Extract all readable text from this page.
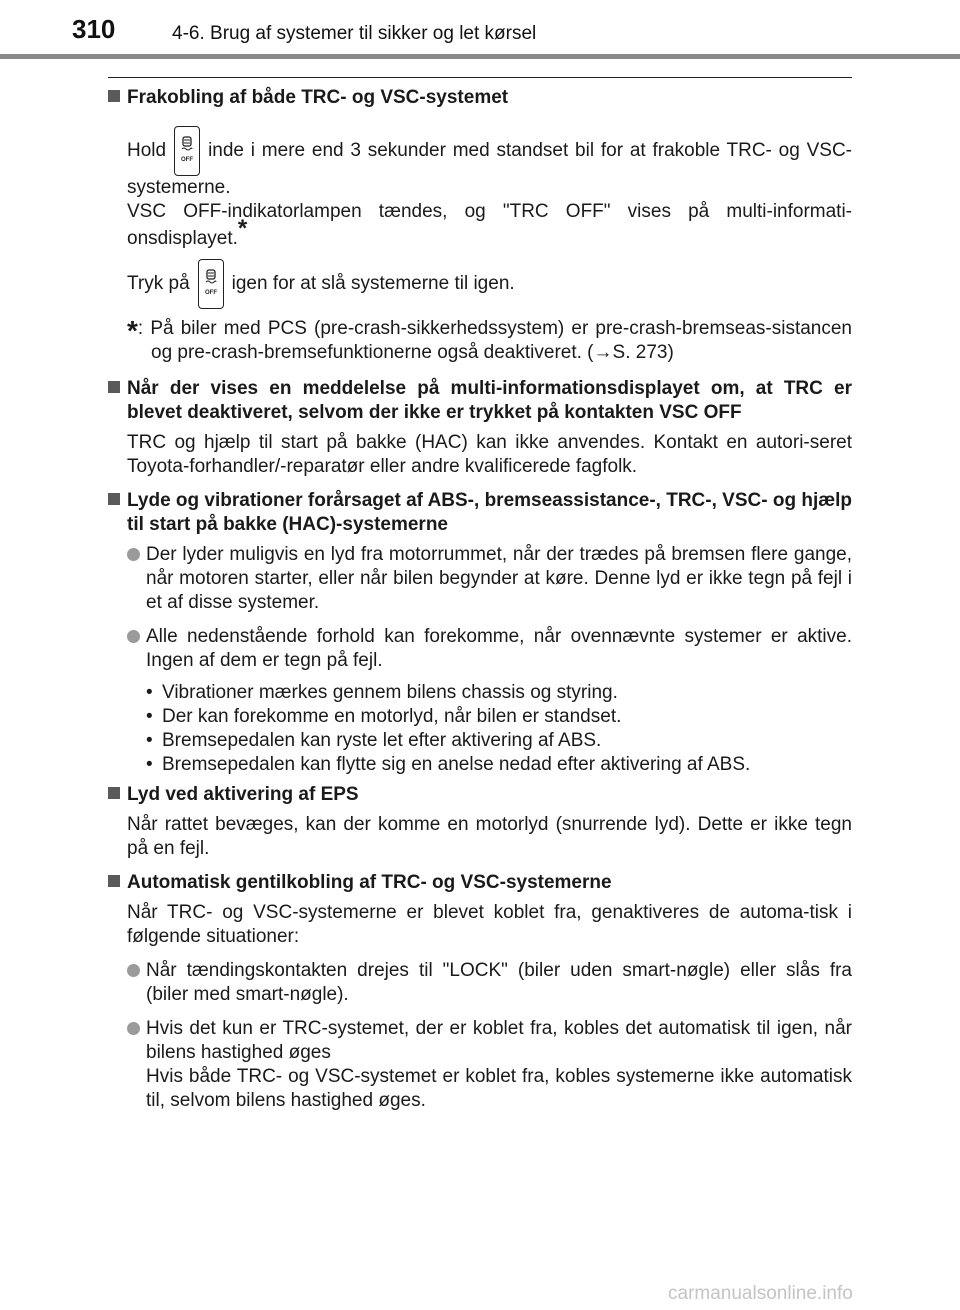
310	4-6. Brug af systemer til sikker og let kørsel
Frakobling af både TRC- og VSC-systemet
Hold	OFF inde i mere end 3 sekunder med standset bil for at frakoble TRC- og VSC-systemerne.
VSC OFF-indikatorlampen tændes, og "TRC OFF" vises på multi-informati-onsdisplayet.*
Tryk på	OFF igen for at slå systemerne til igen.
*: På biler med PCS (pre-crash-sikkerhedssystem) er pre-crash-bremseas-sistancen og pre-crash-bremsefunktionerne også deaktiveret. (→S. 273)
Når der vises en meddelelse på multi-informationsdisplayet om, at TRC er blevet deaktiveret, selvom der ikke er trykket på kontakten VSC OFF
TRC og hjælp til start på bakke (HAC) kan ikke anvendes. Kontakt en autori-seret Toyota-forhandler/-reparatør eller andre kvalificerede fagfolk.
Lyde og vibrationer forårsaget af ABS-, bremseassistance-, TRC-, VSC- og hjælp til start på bakke (HAC)-systemerne
Der lyder muligvis en lyd fra motorrummet, når der trædes på bremsen flere gange, når motoren starter, eller når bilen begynder at køre. Denne lyd er ikke tegn på fejl i et af disse systemer.
Alle nedenstående forhold kan forekomme, når ovennævnte systemer er aktive. Ingen af dem er tegn på fejl.
• Vibrationer mærkes gennem bilens chassis og styring.
• Der kan forekomme en motorlyd, når bilen er standset.
• Bremsepedalen kan ryste let efter aktivering af ABS.
• Bremsepedalen kan flytte sig en anelse nedad efter aktivering af ABS.
Lyd ved aktivering af EPS
Når rattet bevæges, kan der komme en motorlyd (snurrende lyd). Dette er ikke tegn på en fejl.
Automatisk gentilkobling af TRC- og VSC-systemerne
Når TRC- og VSC-systemerne er blevet koblet fra, genaktiveres de automa-tisk i følgende situationer:
Når tændingskontakten drejes til "LOCK" (biler uden smart-nøgle) eller slås fra (biler med smart-nøgle).
Hvis det kun er TRC-systemet, der er koblet fra, kobles det automatisk til igen, når bilens hastighed øges
Hvis både TRC- og VSC-systemet er koblet fra, kobles systemerne ikke automatisk til, selvom bilens hastighed øges.
carmanualsonline.info
